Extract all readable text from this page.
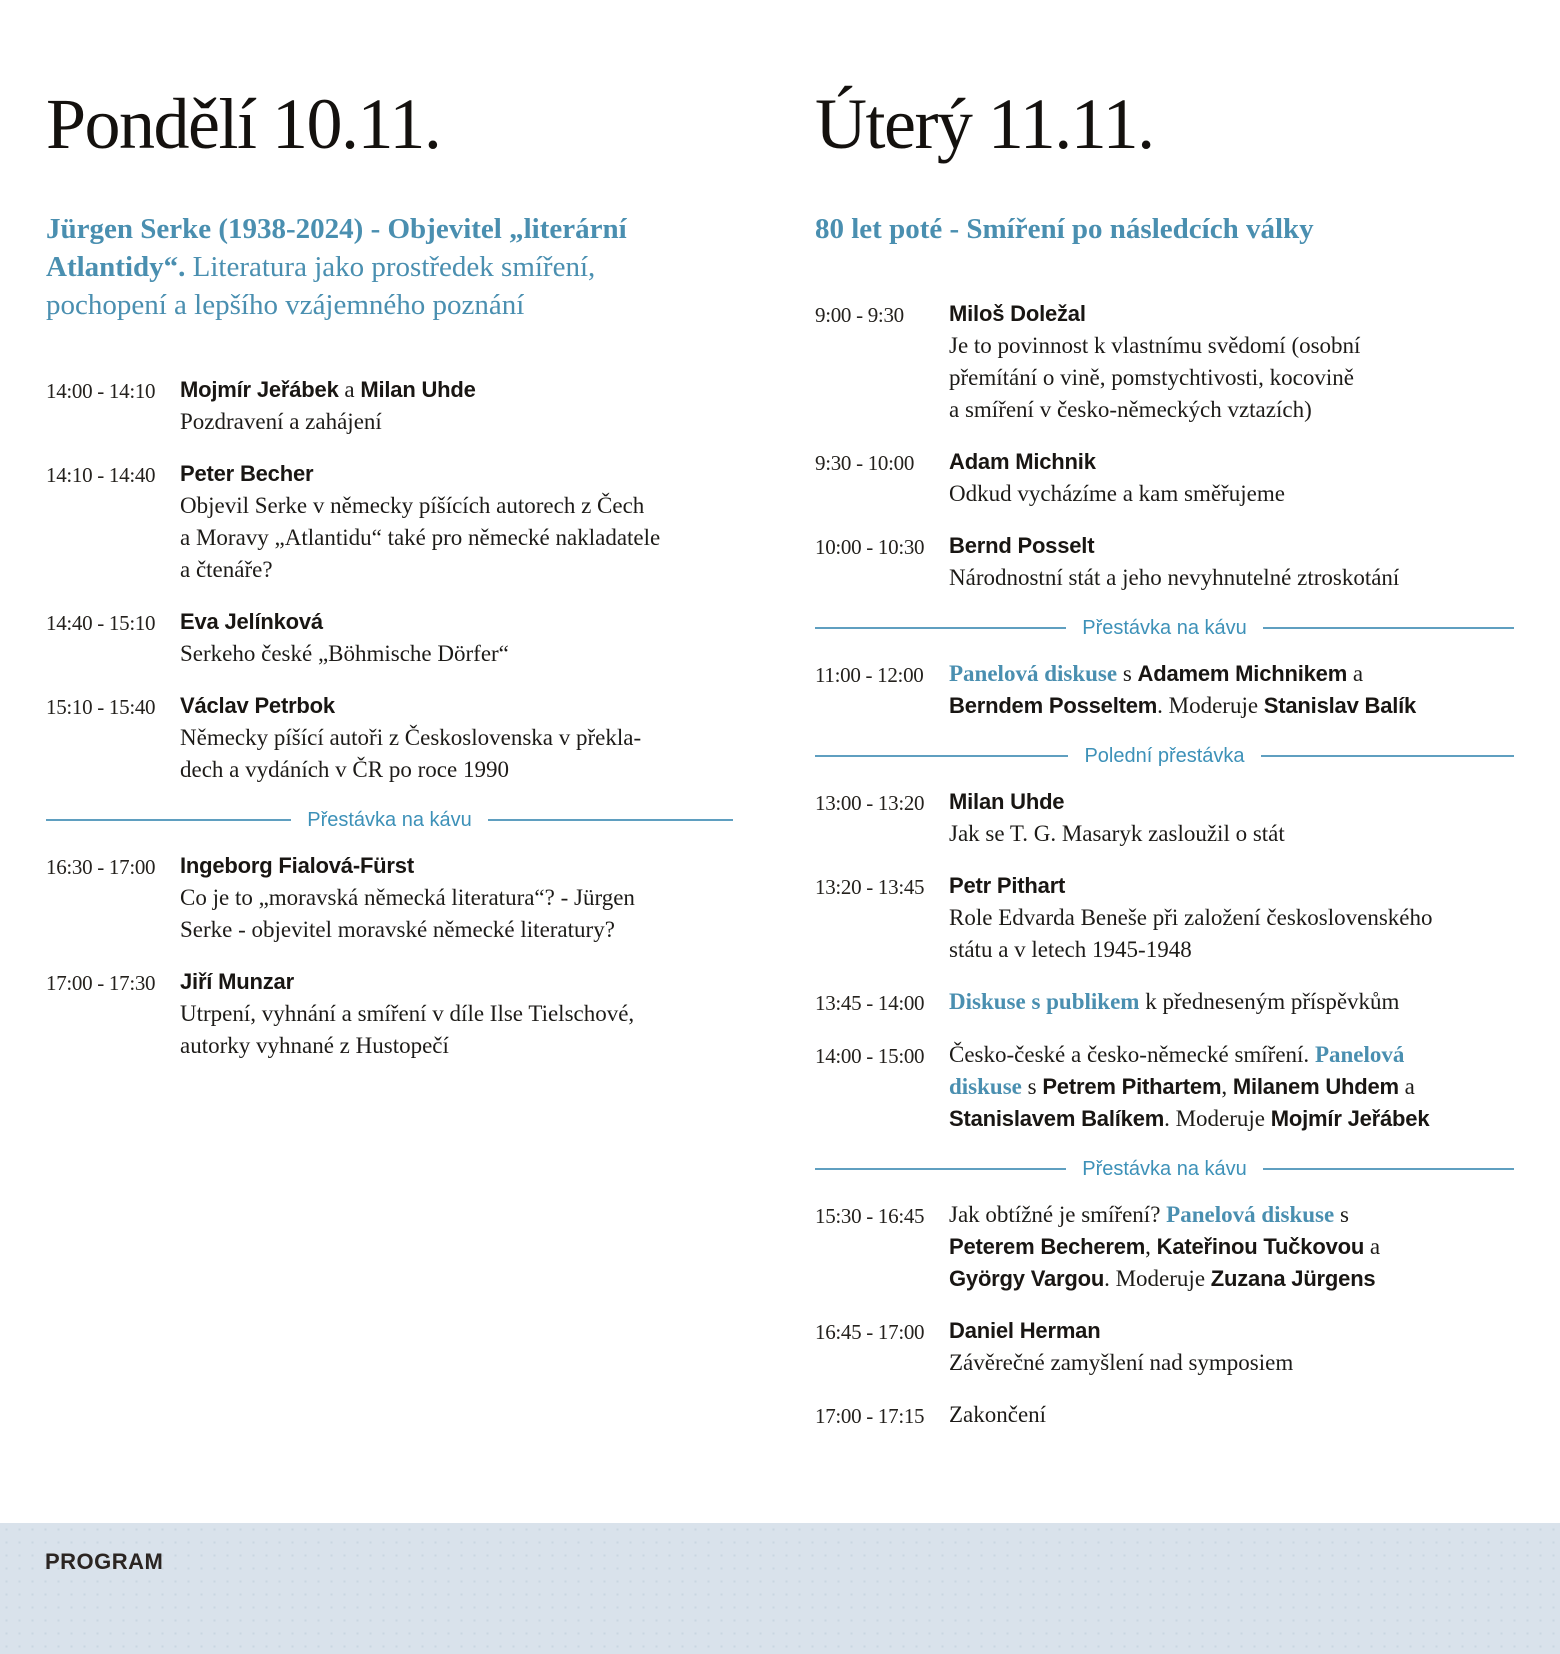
Pondělí 10.11.
Jürgen Serke (1938-2024) - Objevitel „literární
Atlantidy“. Literatura jako prostředek smíření,
pochopení a lepšího vzájemného poznání
14:00 - 14:10	Mojmír Jeřábek a Milan Uhde
Pozdravení a zahájení
14:10 - 14:40	Peter Becher
Objevil Serke v německy píšících autorech z Čech
a Moravy „Atlantidu“ také pro německé nakladatele
a čtenáře?
14:40 - 15:10	Eva Jelínková
Serkeho české „Böhmische Dörfer“
15:10 - 15:40	Václav Petrbok
Německy píšící autoři z Československa v překla-
dech a vydáních v ČR po roce 1990
Přestávka na kávu
16:30 - 17:00	Ingeborg Fialová-Fürst
Co je to „moravská německá literatura“? - Jürgen
Serke - objevitel moravské německé literatury?
17:00 - 17:30	Jiří Munzar
Utrpení, vyhnání a smíření v díle Ilse Tielschové,
autorky vyhnané z Hustopečí
Úterý 11.11.
80 let poté - Smíření po následcích války
9:00 - 9:30	Miloš Doležal
Je to povinnost k vlastnímu svědomí (osobní
přemítání o vině, pomstychtivosti, kocovině
a smíření v česko-německých vztazích)
9:30 - 10:00	Adam Michnik
Odkud vycházíme a kam směřujeme
10:00 - 10:30	Bernd Posselt
Národnostní stát a jeho nevyhnutelné ztroskotání
Přestávka na kávu
11:00 - 12:00	Panelová diskuse s Adamem Michnikem a
Berndem Posseltem. Moderuje Stanislav Balík
Polední přestávka
13:00 - 13:20	Milan Uhde
Jak se T. G. Masaryk zasloužil o stát
13:20 - 13:45	Petr Pithart
Role Edvarda Beneše při založení československého
státu a v letech 1945-1948
13:45 - 14:00	Diskuse s publikem k předneseným příspěvkům
14:00 - 15:00	Česko-české a česko-německé smíření. Panelová
diskuse s Petrem Pithartem, Milanem Uhdem a
Stanislavem Balíkem. Moderuje Mojmír Jeřábek
Přestávka na kávu
15:30 - 16:45	Jak obtížné je smíření? Panelová diskuse s
Peterem Becherem, Kateřinou Tučkovou a
György Vargou. Moderuje Zuzana Jürgens
16:45 - 17:00	Daniel Herman
Závěrečné zamyšlení nad symposiem
17:00 - 17:15	Zakončení
PROGRAM
